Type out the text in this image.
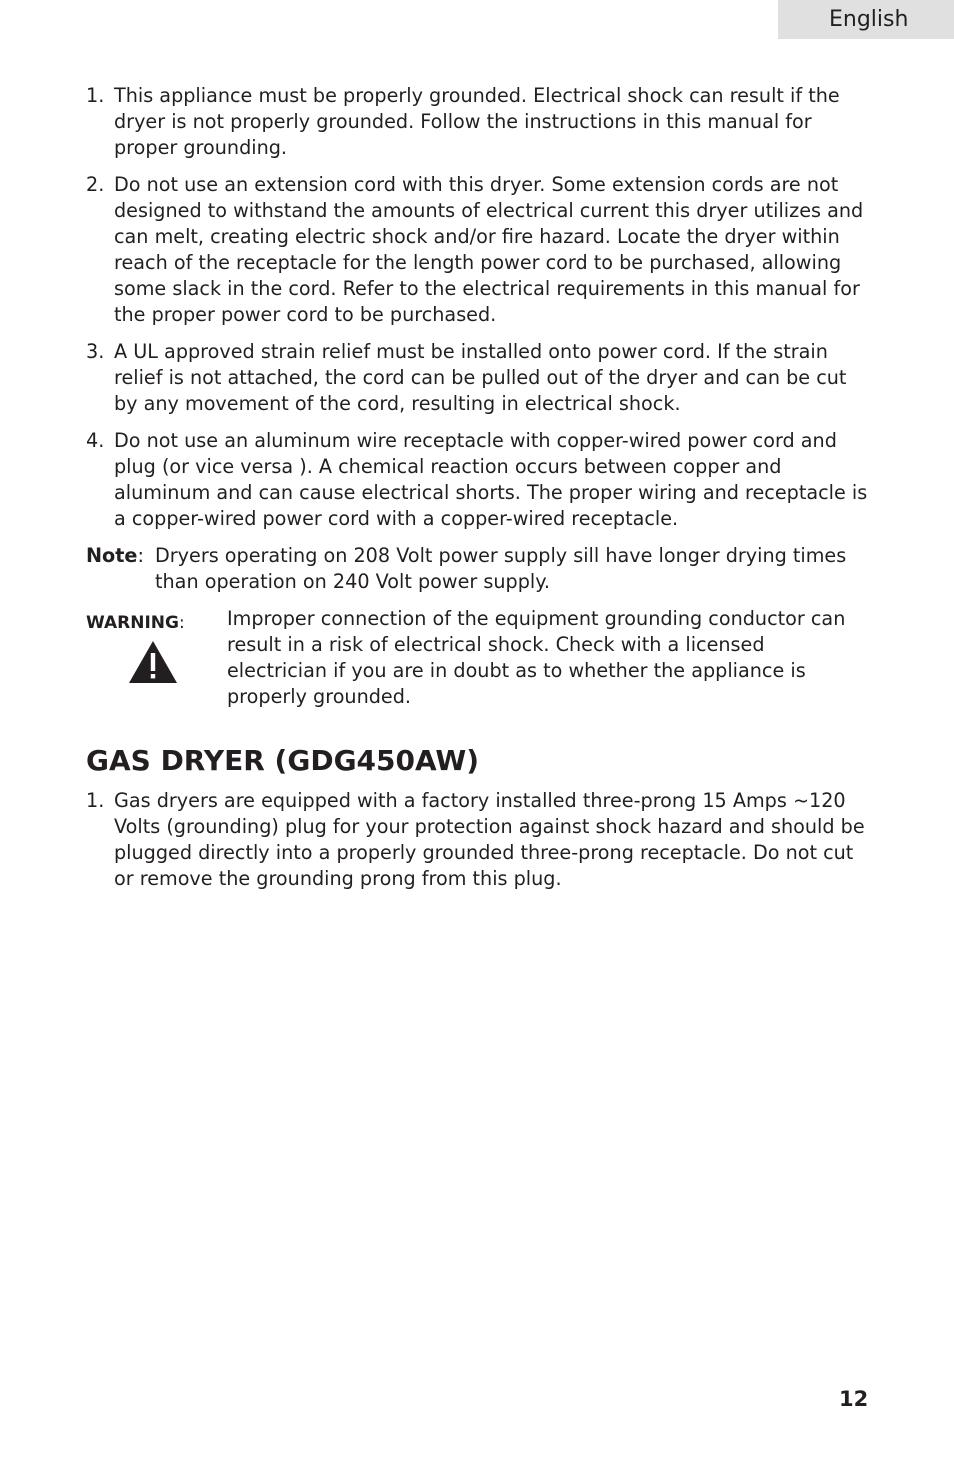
English
1. This appliance must be properly grounded. Electrical shock can result if the dryer is not properly grounded. Follow the instructions in this manual for proper grounding.
2. Do not use an extension cord with this dryer. Some extension cords are not designed to withstand the amounts of electrical current this dryer utilizes and can melt, creating electric shock and/or fire hazard. Locate the dryer within reach of the receptacle for the length power cord to be purchased, allowing some slack in the cord. Refer to the electrical requirements in this manual for the proper power cord to be purchased.
3. A UL approved strain relief must be installed onto power cord. If the strain relief is not attached, the cord can be pulled out of the dryer and can be cut by any movement of the cord, resulting in electrical shock.
4. Do not use an aluminum wire receptacle with copper-wired power cord and plug (or vice versa ). A chemical reaction occurs between copper and aluminum and can cause electrical shorts. The proper wiring and receptacle is a copper-wired power cord with a copper-wired receptacle.
Note: Dryers operating on 208 Volt power supply sill have longer drying times than operation on 240 Volt power supply.
WARNING: Improper connection of the equipment grounding conductor can result in a risk of electrical shock. Check with a licensed electrician if you are in doubt as to whether the appliance is properly grounded.
GAS DRYER (GDG450AW)
1. Gas dryers are equipped with a factory installed three-prong 15 Amps ~120 Volts (grounding) plug for your protection against shock hazard and should be plugged directly into a properly grounded three-prong receptacle. Do not cut or remove the grounding prong from this plug.
12
